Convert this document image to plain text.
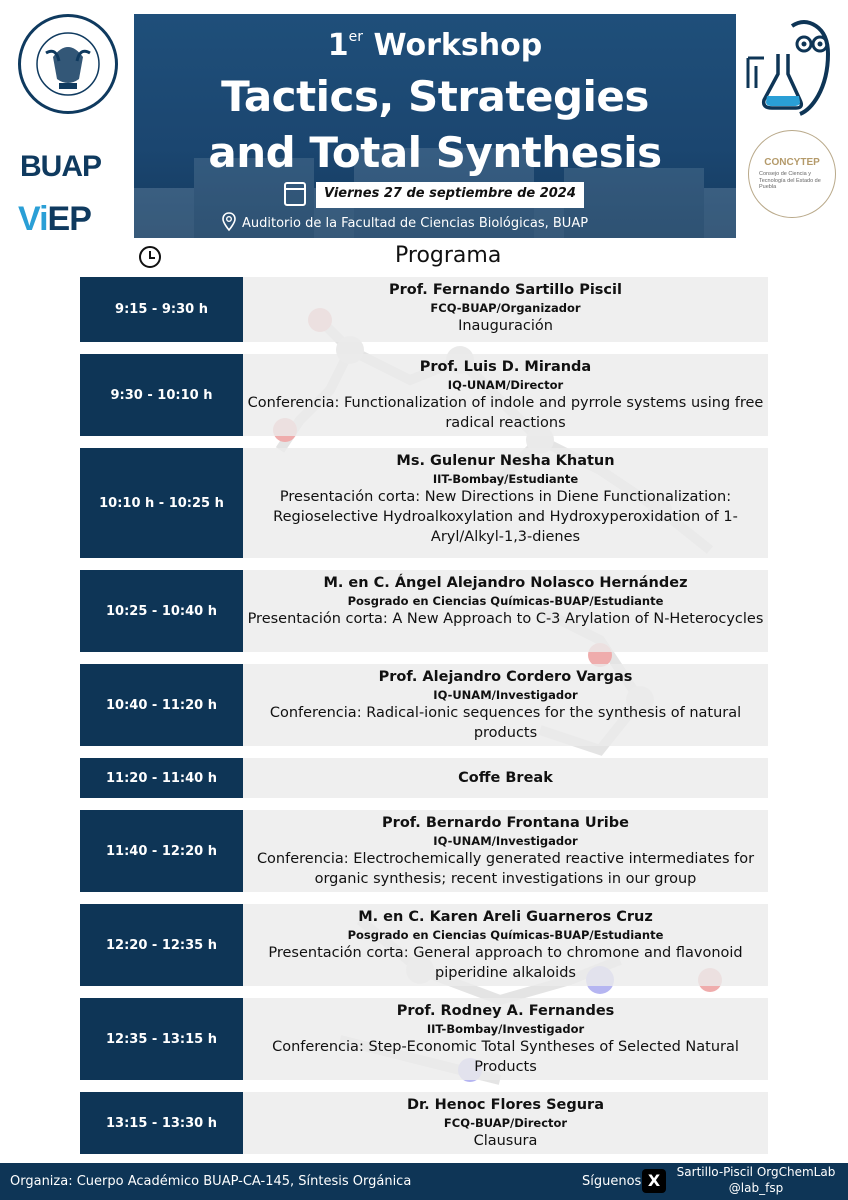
BUAP
ViEP
1er Workshop
Tactics, Strategies
and Total Synthesis
Viernes 27 de septiembre de 2024
Auditorio de la Facultad de Ciencias Biológicas, BUAP
CONCYTEP
Consejo de Ciencia y Tecnología del Estado de Puebla
Programa
9:15 - 9:30 h
Prof. Fernando Sartillo Piscil
FCQ-BUAP/Organizador
Inauguración
9:30 - 10:10 h
Prof. Luis D. Miranda
IQ-UNAM/Director
Conferencia: Functionalization of indole and pyrrole systems using free radical reactions
10:10 h - 10:25 h
Ms. Gulenur Nesha Khatun
IIT-Bombay/Estudiante
Presentación corta: New Directions in Diene Functionalization: Regioselective Hydroalkoxylation and Hydroxyperoxidation of 1-Aryl/Alkyl-1,3-dienes
10:25 - 10:40 h
M. en C. Ángel Alejandro Nolasco Hernández
Posgrado en Ciencias Químicas-BUAP/Estudiante
Presentación corta: A New Approach to C-3 Arylation of N-Heterocycles
10:40 - 11:20 h
Prof. Alejandro Cordero Vargas
IQ-UNAM/Investigador
Conferencia: Radical-ionic sequences for the synthesis of natural products
11:20 - 11:40 h	Coffe Break
11:40 - 12:20 h
Prof. Bernardo Frontana Uribe
IQ-UNAM/Investigador
Conferencia: Electrochemically generated reactive intermediates for organic synthesis; recent investigations in our group
12:20 - 12:35 h
M. en C. Karen Areli Guarneros Cruz
Posgrado en Ciencias Químicas-BUAP/Estudiante
Presentación corta: General approach to chromone and flavonoid piperidine alkaloids
12:35 - 13:15 h
Prof. Rodney A. Fernandes
IIT-Bombay/Investigador
Conferencia: Step-Economic Total Syntheses of Selected Natural Products
13:15 - 13:30 h
Dr. Henoc Flores Segura
FCQ-BUAP/Director
Clausura
Organiza: Cuerpo Académico BUAP-CA-145, Síntesis Orgánica	Síguenos X	Sartillo-Piscil OrgChemLab
@lab_fsp
